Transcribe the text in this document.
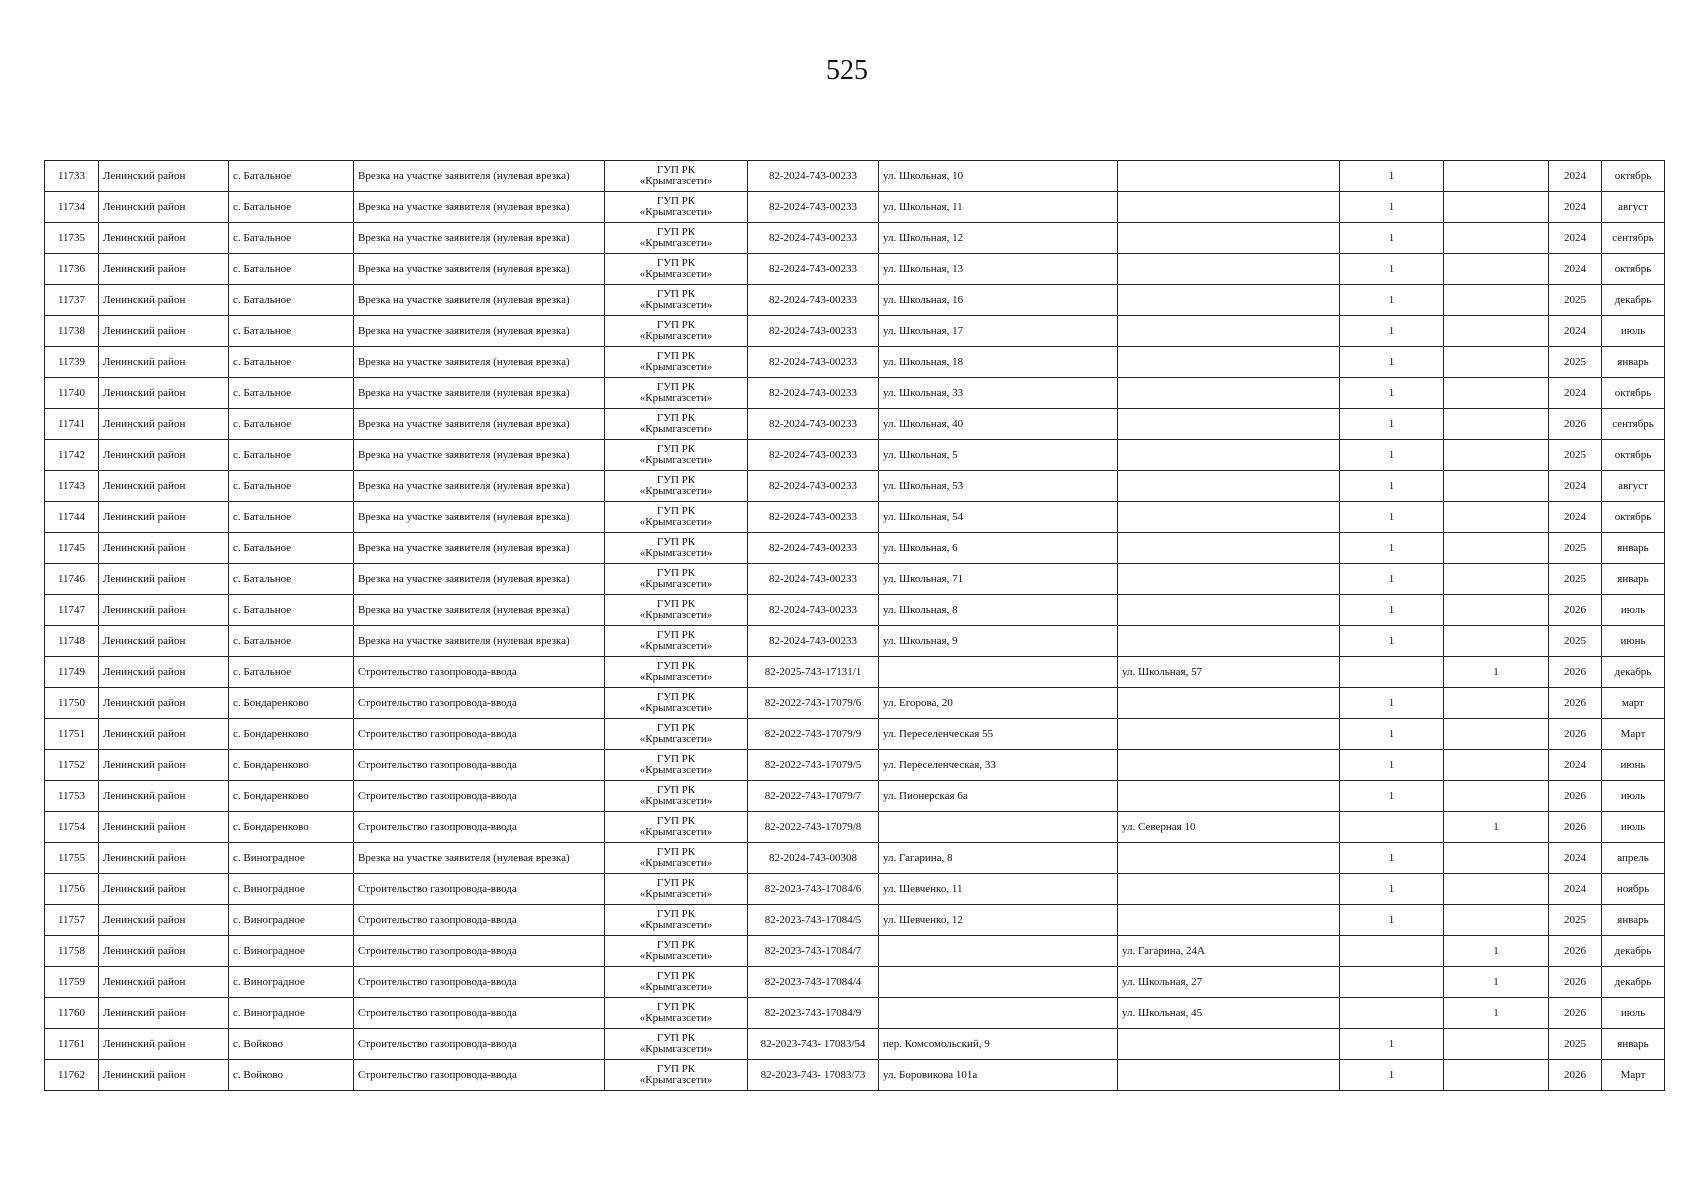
525
11733	Ленинский район	с. Батальное	Врезка на участке заявителя (нулевая врезка)	ГУП РК
«Крымгазсети»	82-2024-743-00233	ул. Школьная, 10		1		2024	октябрь
11734	Ленинский район	с. Батальное	Врезка на участке заявителя (нулевая врезка)	ГУП РК
«Крымгазсети»	82-2024-743-00233	ул. Школьная, 11		1		2024	август
11735	Ленинский район	с. Батальное	Врезка на участке заявителя (нулевая врезка)	ГУП РК
«Крымгазсети»	82-2024-743-00233	ул. Школьная, 12		1		2024	сентябрь
11736	Ленинский район	с. Батальное	Врезка на участке заявителя (нулевая врезка)	ГУП РК
«Крымгазсети»	82-2024-743-00233	ул. Школьная, 13		1		2024	октябрь
11737	Ленинский район	с. Батальное	Врезка на участке заявителя (нулевая врезка)	ГУП РК
«Крымгазсети»	82-2024-743-00233	ул. Школьная, 16		1		2025	декабрь
11738	Ленинский район	с. Батальное	Врезка на участке заявителя (нулевая врезка)	ГУП РК
«Крымгазсети»	82-2024-743-00233	ул. Школьная, 17		1		2024	июль
11739	Ленинский район	с. Батальное	Врезка на участке заявителя (нулевая врезка)	ГУП РК
«Крымгазсети»	82-2024-743-00233	ул. Школьная, 18		1		2025	январь
11740	Ленинский район	с. Батальное	Врезка на участке заявителя (нулевая врезка)	ГУП РК
«Крымгазсети»	82-2024-743-00233	ул. Школьная, 33		1		2024	октябрь
11741	Ленинский район	с. Батальное	Врезка на участке заявителя (нулевая врезка)	ГУП РК
«Крымгазсети»	82-2024-743-00233	ул. Школьная, 40		1		2026	сентябрь
11742	Ленинский район	с. Батальное	Врезка на участке заявителя (нулевая врезка)	ГУП РК
«Крымгазсети»	82-2024-743-00233	ул. Школьная, 5		1		2025	октябрь
11743	Ленинский район	с. Батальное	Врезка на участке заявителя (нулевая врезка)	ГУП РК
«Крымгазсети»	82-2024-743-00233	ул. Школьная, 53		1		2024	август
11744	Ленинский район	с. Батальное	Врезка на участке заявителя (нулевая врезка)	ГУП РК
«Крымгазсети»	82-2024-743-00233	ул. Школьная, 54		1		2024	октябрь
11745	Ленинский район	с. Батальное	Врезка на участке заявителя (нулевая врезка)	ГУП РК
«Крымгазсети»	82-2024-743-00233	ул. Школьная, 6		1		2025	январь
11746	Ленинский район	с. Батальное	Врезка на участке заявителя (нулевая врезка)	ГУП РК
«Крымгазсети»	82-2024-743-00233	ул. Школьная, 71		1		2025	январь
11747	Ленинский район	с. Батальное	Врезка на участке заявителя (нулевая врезка)	ГУП РК
«Крымгазсети»	82-2024-743-00233	ул. Школьная, 8		1		2026	июль
11748	Ленинский район	с. Батальное	Врезка на участке заявителя (нулевая врезка)	ГУП РК
«Крымгазсети»	82-2024-743-00233	ул. Школьная, 9		1		2025	июнь
11749	Ленинский район	с. Батальное	Строительство газопровода-ввода	ГУП РК
«Крымгазсети»	82-2025-743-17131/1		ул. Школьная, 57		1	2026	декабрь
11750	Ленинский район	с. Бондаренково	Строительство газопровода-ввода	ГУП РК
«Крымгазсети»	82-2022-743-17079/6	ул. Егорова, 20		1		2026	март
11751	Ленинский район	с. Бондаренково	Строительство газопровода-ввода	ГУП РК
«Крымгазсети»	82-2022-743-17079/9	ул. Переселенческая 55		1		2026	Март
11752	Ленинский район	с. Бондаренково	Строительство газопровода-ввода	ГУП РК
«Крымгазсети»	82-2022-743-17079/5	ул. Переселенческая, 33		1		2024	июнь
11753	Ленинский район	с. Бондаренково	Строительство газопровода-ввода	ГУП РК
«Крымгазсети»	82-2022-743-17079/7	ул. Пионерская 6а		1		2026	июль
11754	Ленинский район	с. Бондаренково	Строительство газопровода-ввода	ГУП РК
«Крымгазсети»	82-2022-743-17079/8		ул. Северная 10		1	2026	июль
11755	Ленинский район	с. Виноградное	Врезка на участке заявителя (нулевая врезка)	ГУП РК
«Крымгазсети»	82-2024-743-00308	ул. Гагарина, 8		1		2024	апрель
11756	Ленинский район	с. Виноградное	Строительство газопровода-ввода	ГУП РК
«Крымгазсети»	82-2023-743-17084/6	ул. Шевченко, 11		1		2024	ноябрь
11757	Ленинский район	с. Виноградное	Строительство газопровода-ввода	ГУП РК
«Крымгазсети»	82-2023-743-17084/5	ул. Шевченко, 12		1		2025	январь
11758	Ленинский район	с. Виноградное	Строительство газопровода-ввода	ГУП РК
«Крымгазсети»	82-2023-743-17084/7		ул. Гагарина, 24А		1	2026	декабрь
11759	Ленинский район	с. Виноградное	Строительство газопровода-ввода	ГУП РК
«Крымгазсети»	82-2023-743-17084/4		ул. Школьная, 27		1	2026	декабрь
11760	Ленинский район	с. Виноградное	Строительство газопровода-ввода	ГУП РК
«Крымгазсети»	82-2023-743-17084/9		ул. Школьная, 45		1	2026	июль
11761	Ленинский район	с. Войково	Строительство газопровода-ввода	ГУП РК
«Крымгазсети»	82-2023-743- 17083/54	пер. Комсомольский, 9		1		2025	январь
11762	Ленинский район	с. Войково	Строительство газопровода-ввода	ГУП РК
«Крымгазсети»	82-2023-743- 17083/73	ул. Боровикова 101а		1		2026	Март
